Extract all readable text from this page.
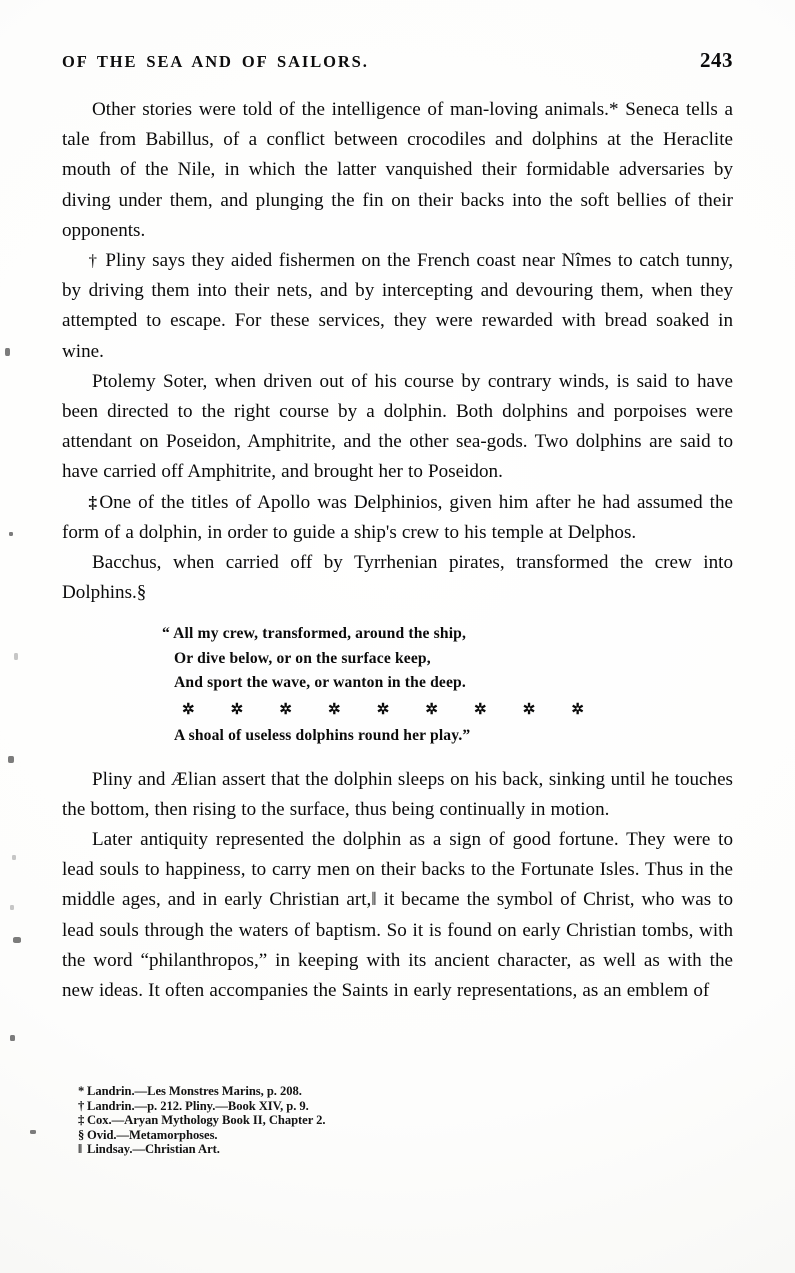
OF THE SEA AND OF SAILORS.	243

Other stories were told of the intelligence of man-loving animals.* Seneca tells a tale from Babillus, of a conflict between crocodiles and dolphins at the Heraclite mouth of the Nile, in which the latter vanquished their formidable adversaries by diving under them, and plunging the fin on their backs into the soft bellies of their opponents.

† Pliny says they aided fishermen on the French coast near Nîmes to catch tunny, by driving them into their nets, and by intercepting and devouring them, when they attempted to escape. For these services, they were rewarded with bread soaked in wine.

Ptolemy Soter, when driven out of his course by contrary winds, is said to have been directed to the right course by a dolphin. Both dolphins and porpoises were attendant on Poseidon, Amphitrite, and the other sea-gods. Two dolphins are said to have carried off Amphitrite, and brought her to Poseidon.

‡One of the titles of Apollo was Delphinios, given him after he had assumed the form of a dolphin, in order to guide a ship's crew to his temple at Delphos.

Bacchus, when carried off by Tyrrhenian pirates, transformed the crew into Dolphins.§

“ All my crew, transformed, around the ship,
Or dive below, or on the surface keep,
And sport the wave, or wanton in the deep.
✲ ✲ ✲ ✲ ✲ ✲ ✲ ✲ ✲
A shoal of useless dolphins round her play.”

Pliny and Ælian assert that the dolphin sleeps on his back, sinking until he touches the bottom, then rising to the surface, thus being continually in motion.

Later antiquity represented the dolphin as a sign of good fortune. They were to lead souls to happiness, to carry men on their backs to the Fortunate Isles. Thus in the middle ages, and in early Christian art,‖ it became the symbol of Christ, who was to lead souls through the waters of baptism. So it is found on early Christian tombs, with the word “philanthropos,” in keeping with its ancient character, as well as with the new ideas. It often accompanies the Saints in early representations, as an emblem of

* Landrin.—Les Monstres Marins, p. 208.
† Landrin.—p. 212. Pliny.—Book XIV, p. 9.
‡ Cox.—Aryan Mythology Book II, Chapter 2.
§ Ovid.—Metamorphoses.
‖ Lindsay.—Christian Art.
